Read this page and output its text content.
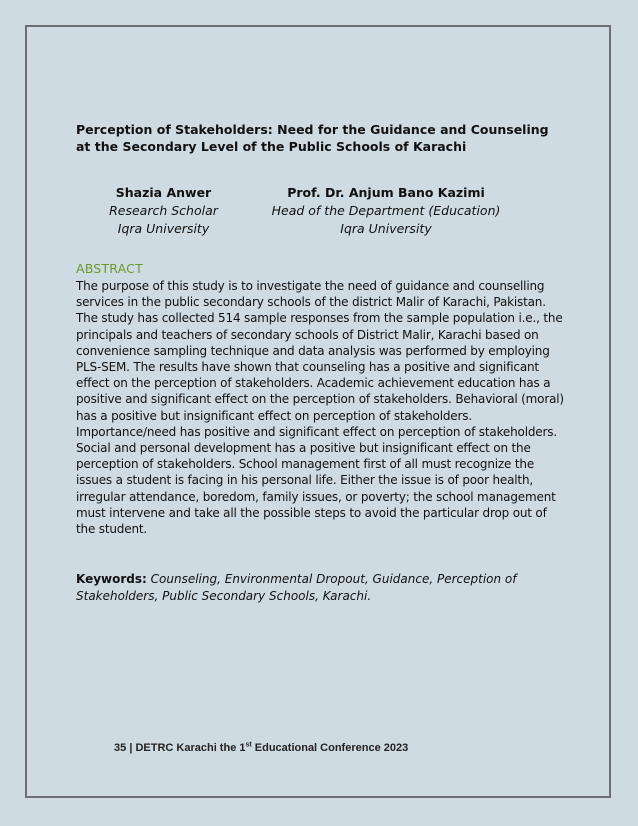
Perception of Stakeholders: Need for the Guidance and Counseling at the Secondary Level of the Public Schools of Karachi

Shazia Anwer
Research Scholar
Iqra University
Prof. Dr. Anjum Bano Kazimi
Head of the Department (Education)
Iqra University
ABSTRACT

The purpose of this study is to investigate the need of guidance and counselling services in the public secondary schools of the district Malir of Karachi, Pakistan. The study has collected 514 sample responses from the sample population i.e., the principals and teachers of secondary schools of District Malir, Karachi based on convenience sampling technique and data analysis was performed by employing PLS-SEM. The results have shown that counseling has a positive and significant effect on the perception of stakeholders. Academic achievement education has a positive and significant effect on the perception of stakeholders. Behavioral (moral) has a positive but insignificant effect on perception of stakeholders. Importance/need has positive and significant effect on perception of stakeholders. Social and personal development has a positive but insignificant effect on the perception of stakeholders. School management first of all must recognize the issues a student is facing in his personal life. Either the issue is of poor health, irregular attendance, boredom, family issues, or poverty; the school management must intervene and take all the possible steps to avoid the particular drop out of the student.

Keywords: Counseling, Environmental Dropout, Guidance, Perception of Stakeholders, Public Secondary Schools, Karachi.
35 | DETRC Karachi the 1st Educational Conference 2023
